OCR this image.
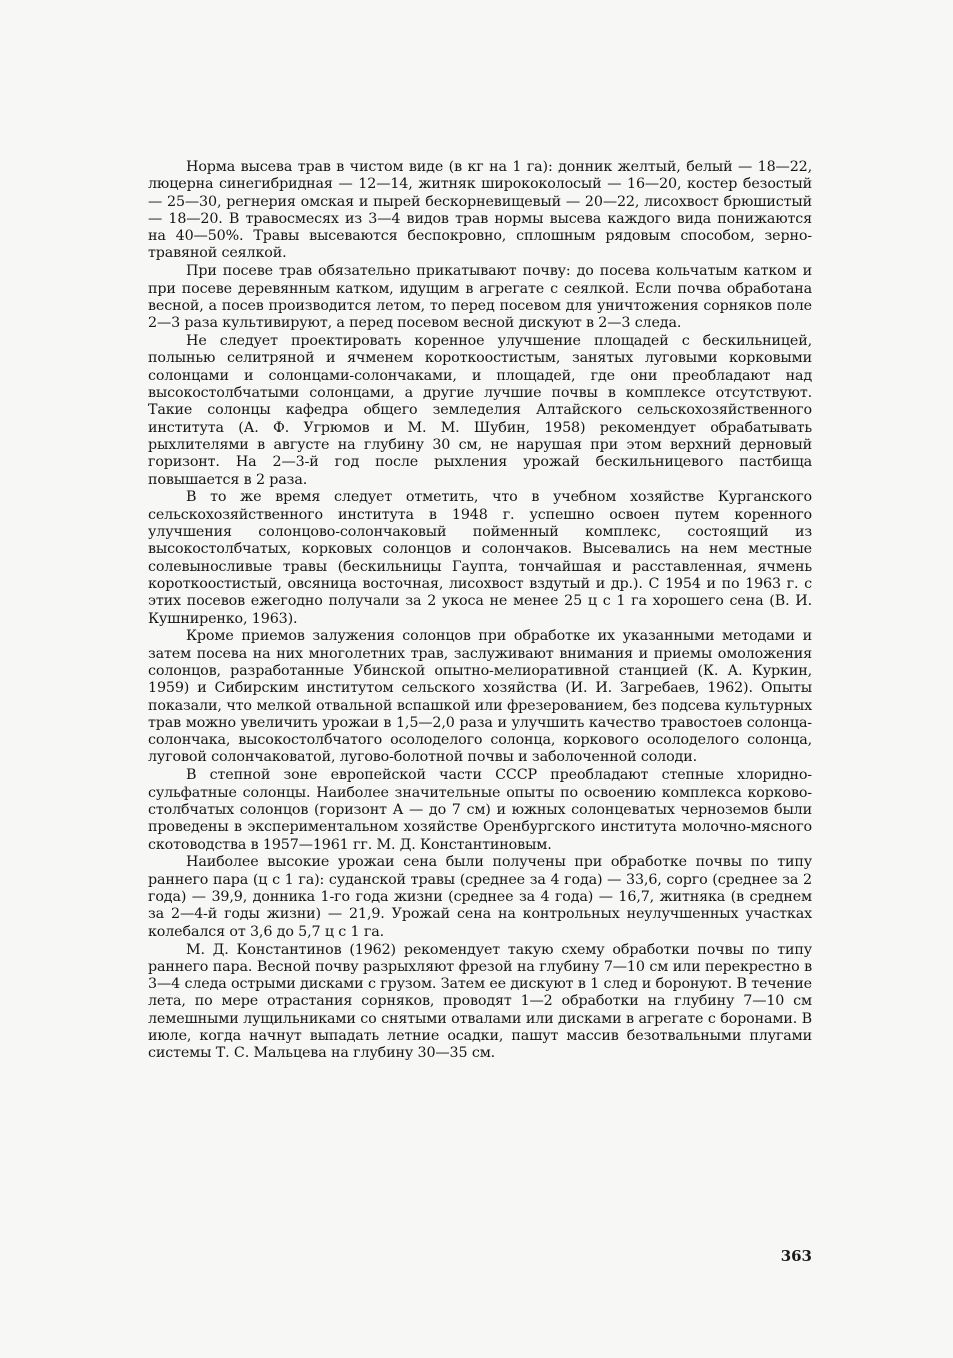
Норма высева трав в чистом виде (в кг на 1 га): донник желтый, белый — 18—22, люцерна синегибридная — 12—14, житняк ширококолосый — 16—20, костер безостый — 25—30, регнерия омская и пырей бескорневищевый — 20—22, лисохвост брюшистый — 18—20. В травосмесях из 3—4 видов трав нормы высева каждого вида понижаются на 40—50%. Травы высеваются беспокровно, сплошным рядовым способом, зерно-травяной сеялкой.

При посеве трав обязательно прикатывают почву: до посева кольчатым катком и при посеве деревянным катком, идущим в агрегате с сеялкой. Если почва обработана весной, а посев производится летом, то перед посевом для уничтожения сорняков поле 2—3 раза культивируют, а перед посевом весной дискуют в 2—3 следа.

Не следует проектировать коренное улучшение площадей с бескильницей, полынью селитряной и ячменем короткоостистым, занятых луговыми корковыми солонцами и солонцами-солончаками, и площадей, где они преобладают над высокостолбчатыми солонцами, а другие лучшие почвы в комплексе отсутствуют. Такие солонцы кафедра общего земледелия Алтайского сельскохозяйственного института (А. Ф. Угрюмов и М. М. Шубин, 1958) рекомендует обрабатывать рыхлителями в августе на глубину 30 см, не нарушая при этом верхний дерновый горизонт. На 2—3-й год после рыхления урожай бескильницевого пастбища повышается в 2 раза.

В то же время следует отметить, что в учебном хозяйстве Курганского сельскохозяйственного института в 1948 г. успешно освоен путем коренного улучшения солонцово-солончаковый пойменный комплекс, состоящий из высокостолбчатых, корковых солонцов и солончаков. Высевались на нем местные солевыносливые травы (бескильницы Гаупта, тончайшая и расставленная, ячмень короткоостистый, овсяница восточная, лисохвост вздутый и др.). С 1954 и по 1963 г. с этих посевов ежегодно получали за 2 укоса не менее 25 ц с 1 га хорошего сена (В. И. Кушниренко, 1963).

Кроме приемов залужения солонцов при обработке их указанными методами и затем посева на них многолетних трав, заслуживают внимания и приемы омоложения солонцов, разработанные Убинской опытно-мелиоративной станцией (К. А. Куркин, 1959) и Сибирским институтом сельского хозяйства (И. И. Загребаев, 1962). Опыты показали, что мелкой отвальной вспашкой или фрезерованием, без подсева культурных трав можно увеличить урожаи в 1,5—2,0 раза и улучшить качество травостоев солонца-солончака, высокостолбчатого осолоделого солонца, коркового осолоделого солонца, луговой солончаковатой, лугово-болотной почвы и заболоченной солоди.

В степной зоне европейской части СССР преобладают степные хлоридно-сульфатные солонцы. Наиболее значительные опыты по освоению комплекса корково-столбчатых солонцов (горизонт А — до 7 см) и южных солонцеватых черноземов были проведены в экспериментальном хозяйстве Оренбургского института молочно-мясного скотоводства в 1957—1961 гг. М. Д. Константиновым.

Наиболее высокие урожаи сена были получены при обработке почвы по типу раннего пара (ц с 1 га): суданской травы (среднее за 4 года) — 33,6, сорго (среднее за 2 года) — 39,9, донника 1-го года жизни (среднее за 4 года) — 16,7, житняка (в среднем за 2—4-й годы жизни) — 21,9. Урожай сена на контрольных неулучшенных участках колебался от 3,6 до 5,7 ц с 1 га.

М. Д. Константинов (1962) рекомендует такую схему обработки почвы по типу раннего пара. Весной почву разрыхляют фрезой на глубину 7—10 см или перекрестно в 3—4 следа острыми дисками с грузом. Затем ее дискуют в 1 след и боронуют. В течение лета, по мере отрастания сорняков, проводят 1—2 обработки на глубину 7—10 см лемешными лущильниками со снятыми отвалами или дисками в агрегате с боронами. В июле, когда начнут выпадать летние осадки, пашут массив безотвальными плугами системы Т. С. Мальцева на глубину 30—35 см.

363
